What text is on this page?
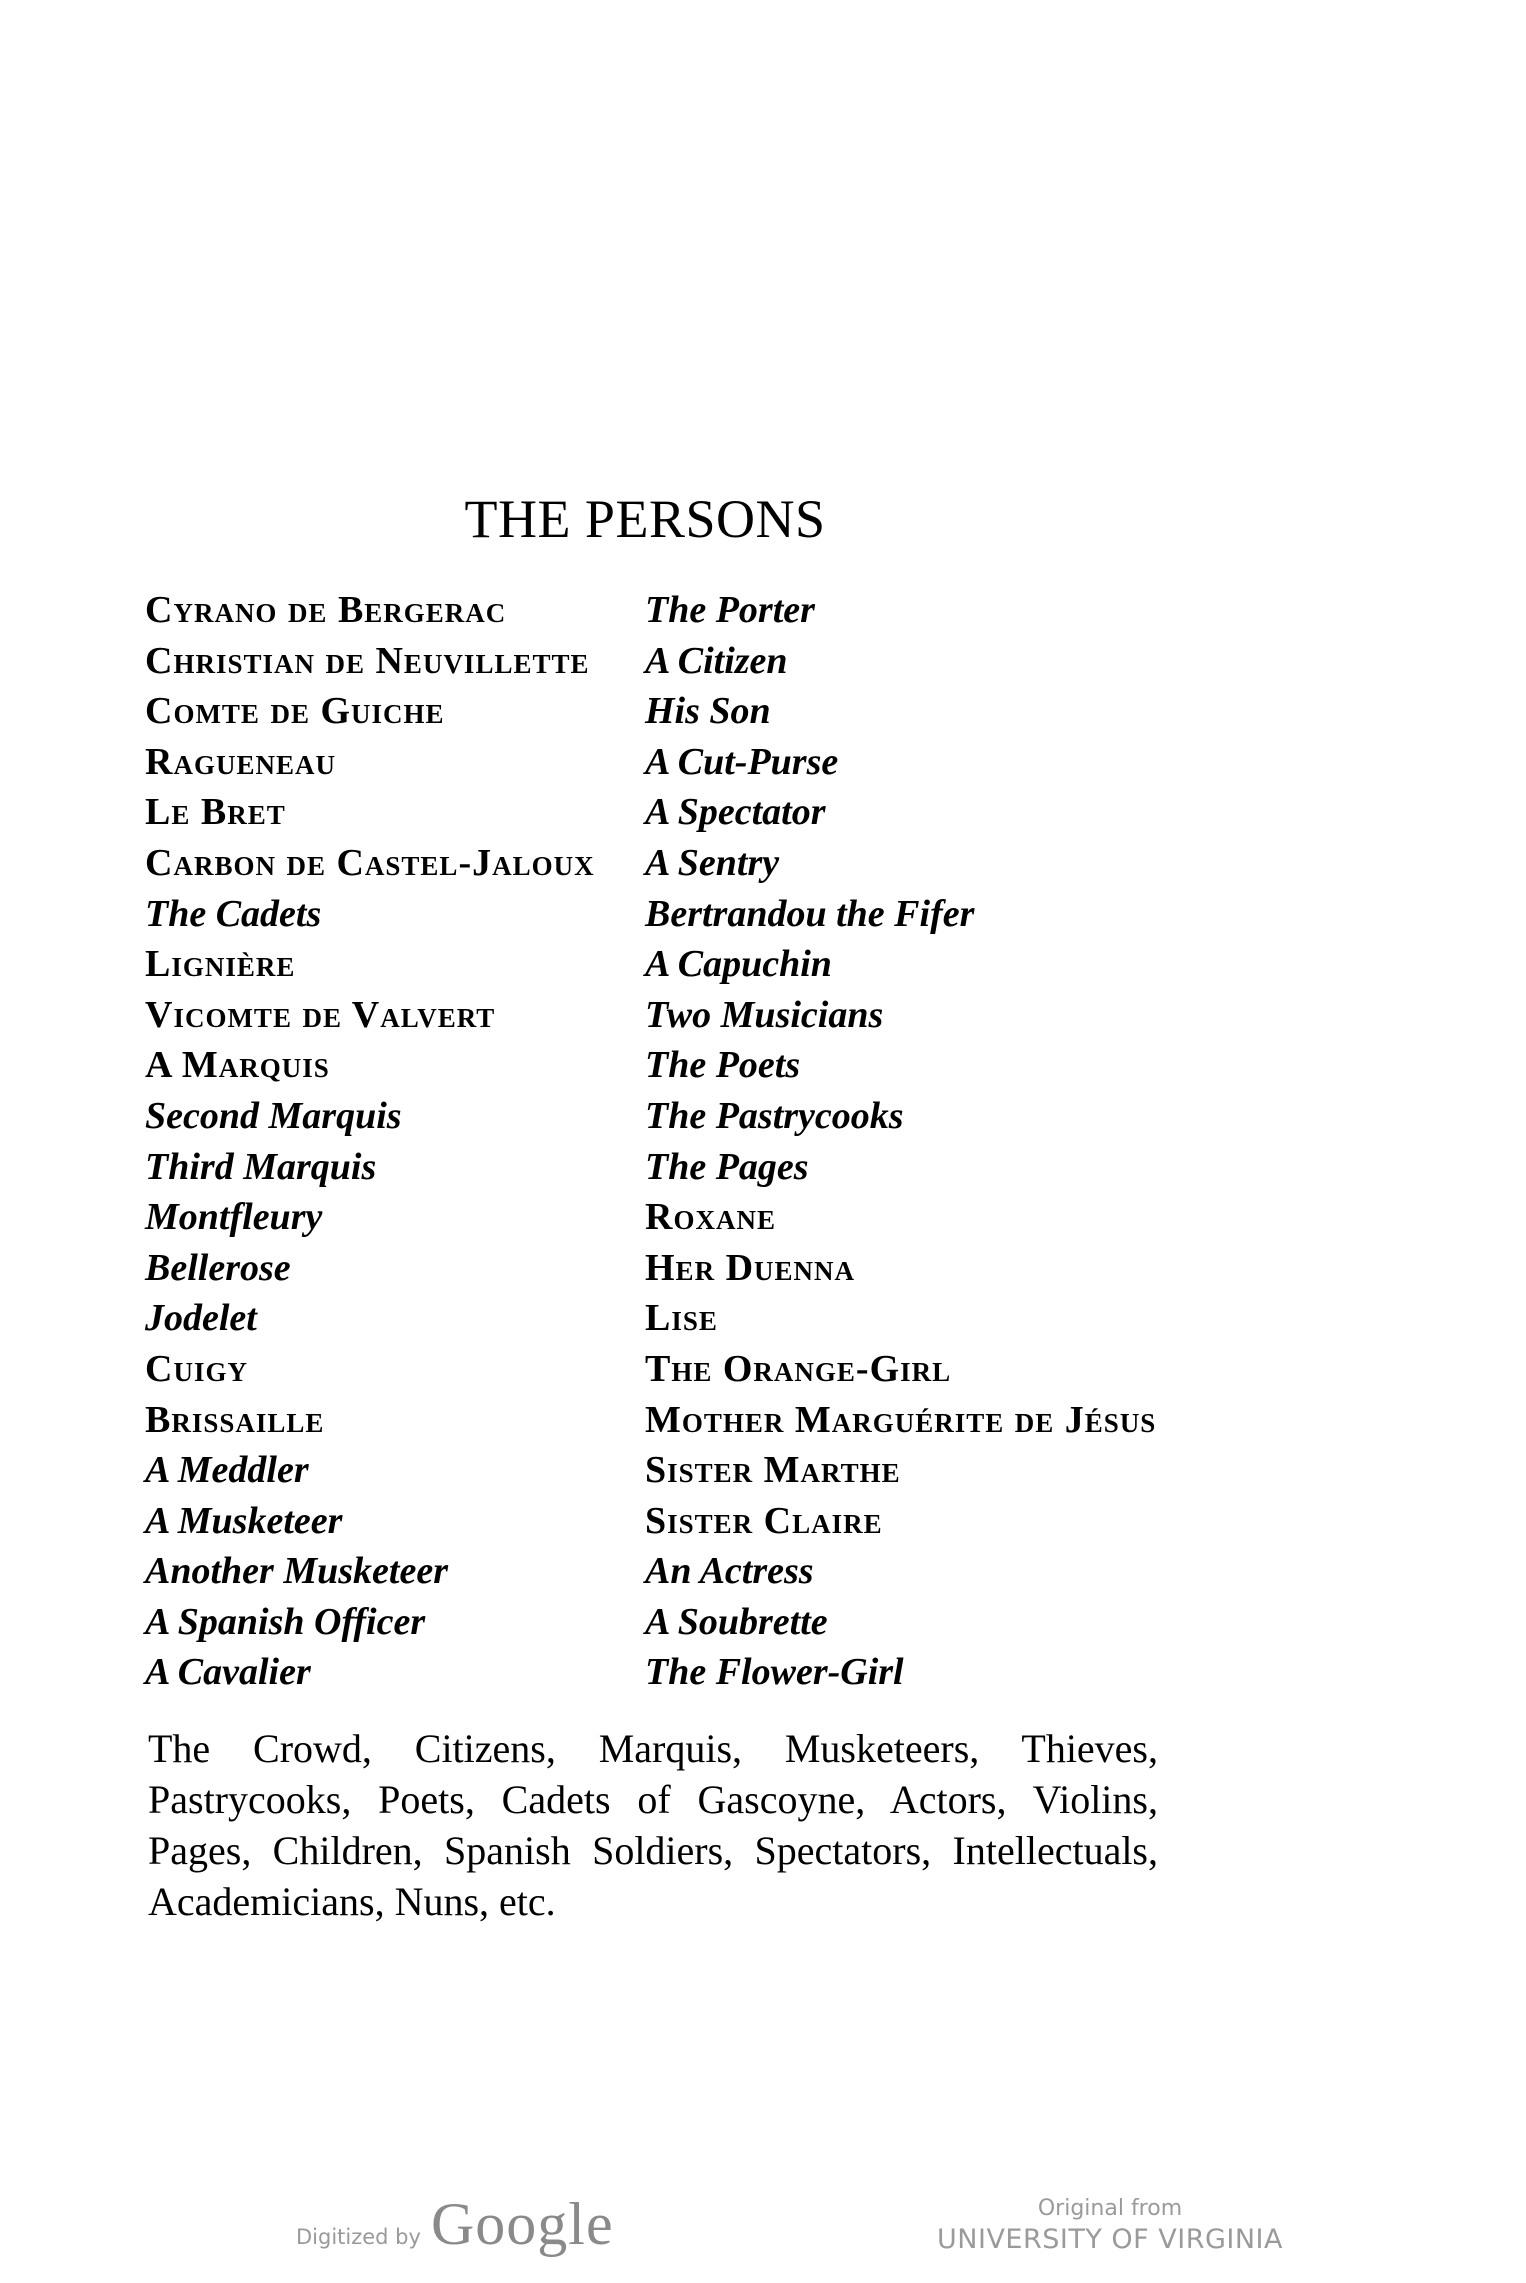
THE PERSONS
Cyrano de Bergerac
Christian de Neuvillette
Comte de Guiche
Ragueneau
Le Bret
Carbon de Castel-Jaloux
The Cadets
Lignière
Vicomte de Valvert
A Marquis
Second Marquis
Third Marquis
Montfleury
Bellerose
Jodelet
Cuigy
Brissaille
A Meddler
A Musketeer
Another Musketeer
A Spanish Officer
A Cavalier
The Porter
A Citizen
His Son
A Cut-Purse
A Spectator
A Sentry
Bertrandou the Fifer
A Capuchin
Two Musicians
The Poets
The Pastrycooks
The Pages
Roxane
Her Duenna
Lise
The Orange-Girl
Mother Marguérite de Jésus
Sister Marthe
Sister Claire
An Actress
A Soubrette
The Flower-Girl

The Crowd, Citizens, Marquis, Musketeers, Thieves, Pastrycooks, Poets, Cadets of Gascoyne, Actors, Violins, Pages, Children, Spanish Soldiers, Spectators, Intellectuals, Academicians, Nuns, etc.

Digitized by Google	Original from
UNIVERSITY OF VIRGINIA
